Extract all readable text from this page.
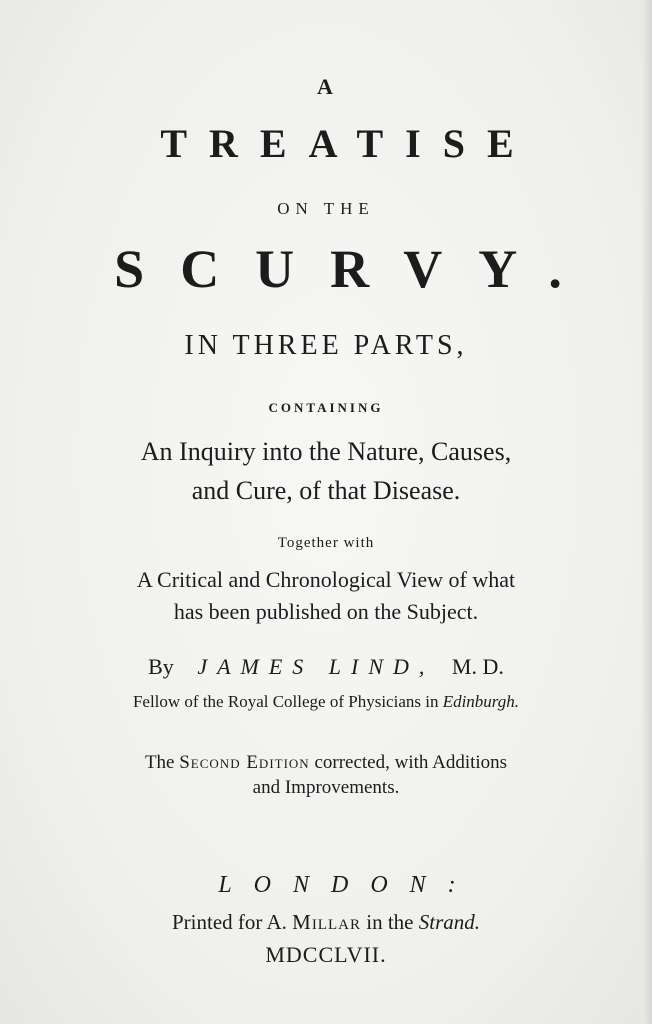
A
TREATISE
ON THE
SCURVY.
IN THREE PARTS,
CONTAINING
An Inquiry into the Nature, Causes,
and Cure, of that Disease.
Together with
A Critical and Chronological View of what
has been published on the Subject.
By JAMES LIND, M. D.
Fellow of the Royal College of Physicians in Edinburgh.
The Second Edition corrected, with Additions
and Improvements.
LONDON:
Printed for A. Millar in the Strand.
MDCCLVII.
